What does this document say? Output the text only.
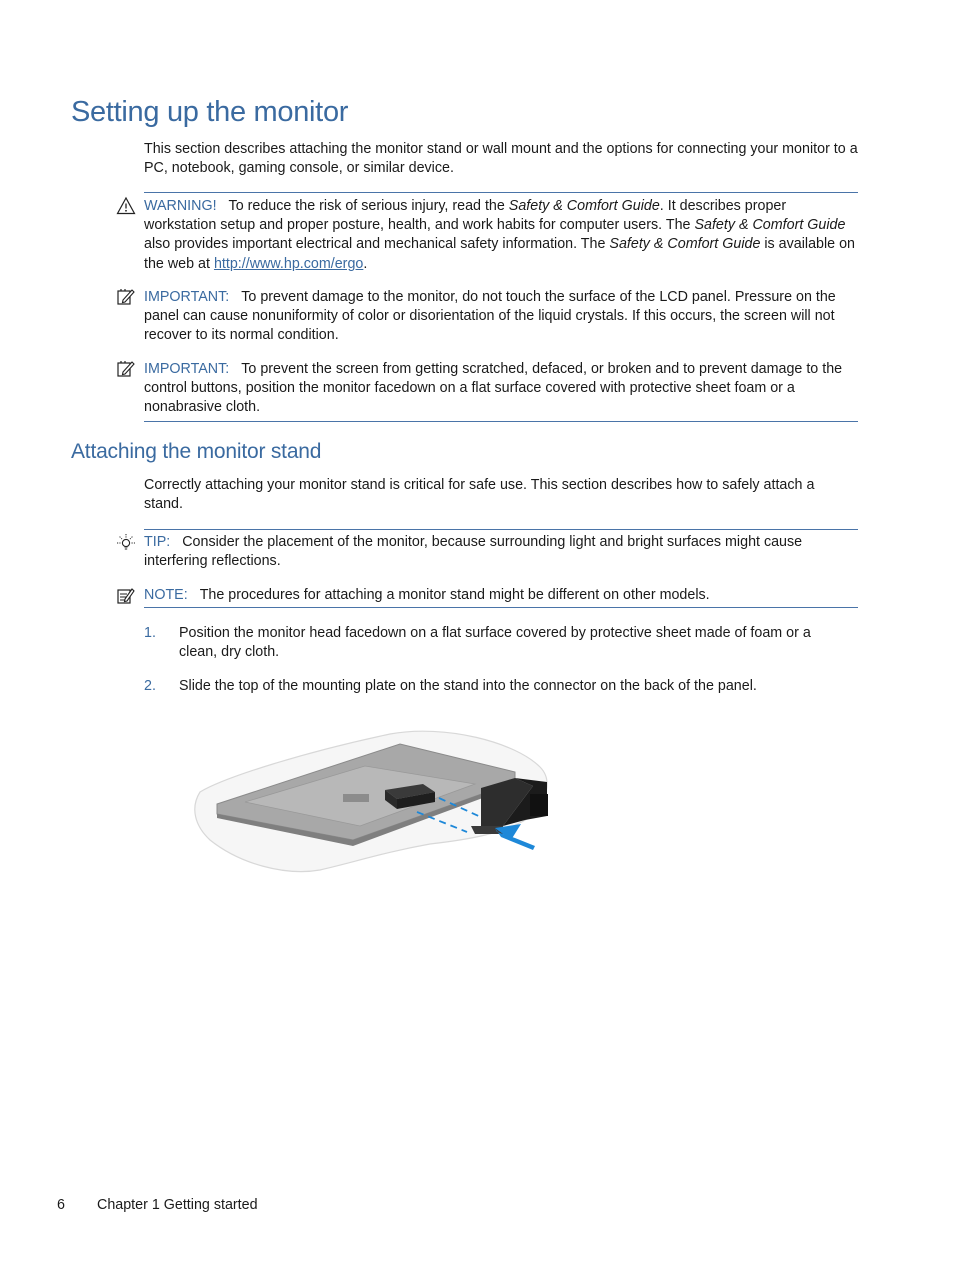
Setting up the monitor

This section describes attaching the monitor stand or wall mount and the options for connecting your monitor to a PC, notebook, gaming console, or similar device.

WARNING! To reduce the risk of serious injury, read the Safety & Comfort Guide. It describes proper workstation setup and proper posture, health, and work habits for computer users. The Safety & Comfort Guide also provides important electrical and mechanical safety information. The Safety & Comfort Guide is available on the web at http://www.hp.com/ergo.

IMPORTANT: To prevent damage to the monitor, do not touch the surface of the LCD panel. Pressure on the panel can cause nonuniformity of color or disorientation of the liquid crystals. If this occurs, the screen will not recover to its normal condition.

IMPORTANT: To prevent the screen from getting scratched, defaced, or broken and to prevent damage to the control buttons, position the monitor facedown on a flat surface covered with protective sheet foam or a nonabrasive cloth.

Attaching the monitor stand

Correctly attaching your monitor stand is critical for safe use. This section describes how to safely attach a stand.

TIP: Consider the placement of the monitor, because surrounding light and bright surfaces might cause interfering reflections.

NOTE: The procedures for attaching a monitor stand might be different on other models.

1. Position the monitor head facedown on a flat surface covered by protective sheet made of foam or a clean, dry cloth.

2. Slide the top of the mounting plate on the stand into the connector on the back of the panel.

6 Chapter 1 Getting started
